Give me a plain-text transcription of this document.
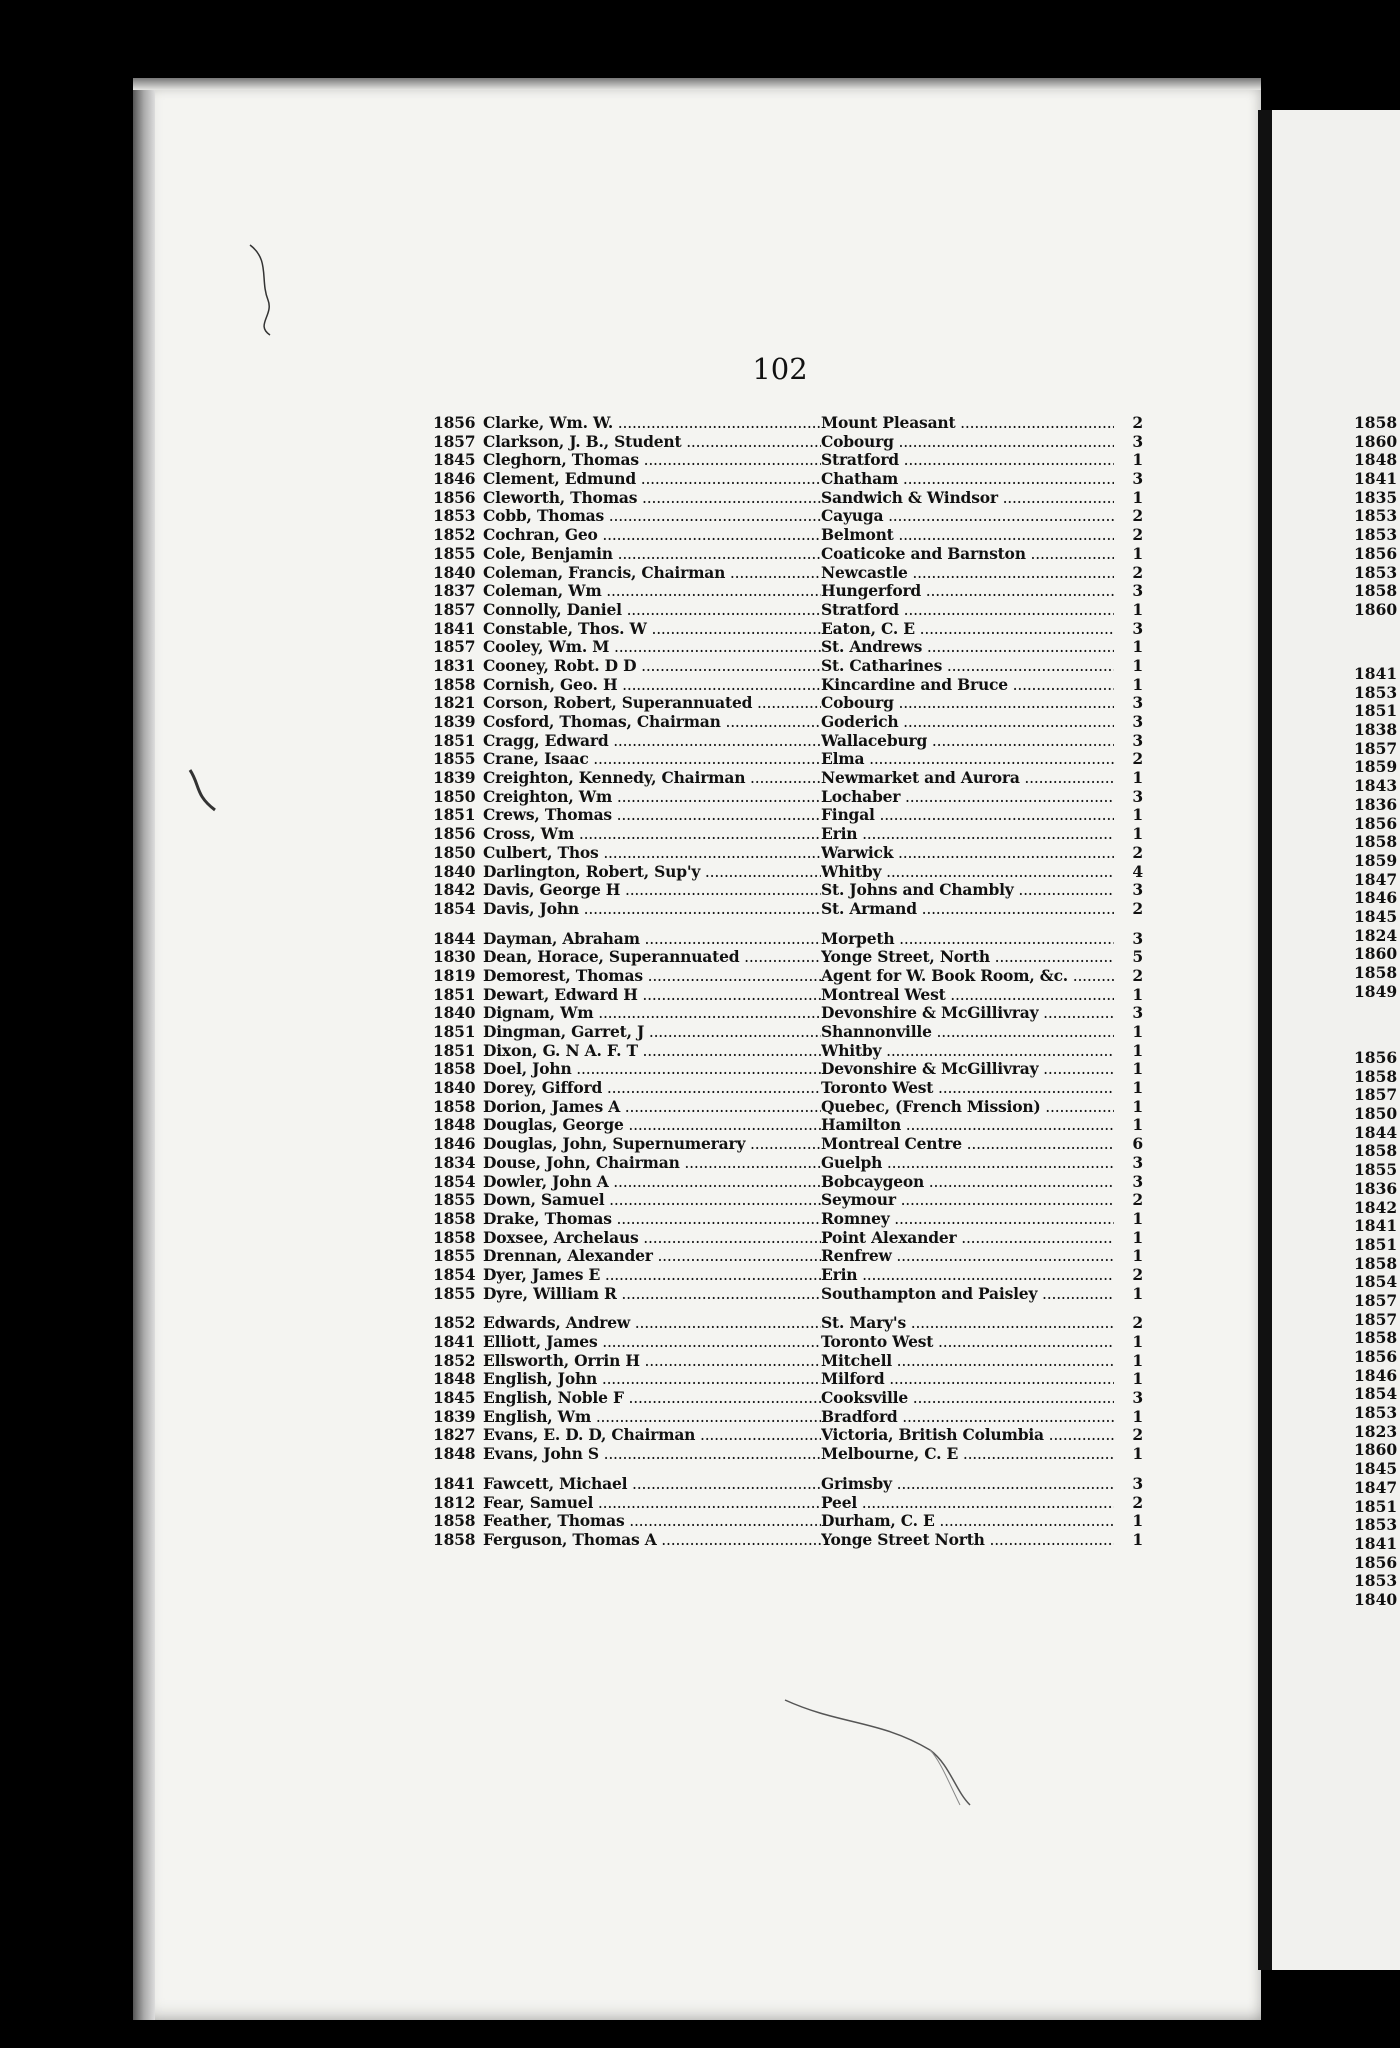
102
1856 Clarke, Wm. W. .....	Mount Pleasant .....	2
1857 Clarkson, J. B., Student .....	Cobourg .....	3
1845 Cleghorn, Thomas .....	Stratford .....	1
1846 Clement, Edmund .....	Chatham .....	3
1856 Cleworth, Thomas .....	Sandwich & Windsor .....	1
1853 Cobb, Thomas .....	Cayuga .....	2
1852 Cochran, Geo .....	Belmont .....	2
1855 Cole, Benjamin .....	Coaticoke and Barnston .....	1
1840 Coleman, Francis, Chairman .....	Newcastle .....	2
1837 Coleman, Wm .....	Hungerford .....	3
1857 Connolly, Daniel .....	Stratford .....	1
1841 Constable, Thos. W .....	Eaton, C. E .....	3
1857 Cooley, Wm. M .....	St. Andrews .....	1
1831 Cooney, Robt. D D .....	St. Catharines .....	1
1858 Cornish, Geo. H .....	Kincardine and Bruce .....	1
1821 Corson, Robert, Superannuated .....	Cobourg .....	3
1839 Cosford, Thomas, Chairman .....	Goderich .....	3
1851 Cragg, Edward .....	Wallaceburg .....	3
1855 Crane, Isaac .....	Elma .....	2
1839 Creighton, Kennedy, Chairman .....	Newmarket and Aurora .....	1
1850 Creighton, Wm .....	Lochaber .....	3
1851 Crews, Thomas .....	Fingal .....	1
1856 Cross, Wm .....	Erin .....	1
1850 Culbert, Thos .....	Warwick .....	2
1840 Darlington, Robert, Sup'y .....	Whitby .....	4
1842 Davis, George H .....	St. Johns and Chambly .....	3
1854 Davis, John .....	St. Armand .....	2
1844 Dayman, Abraham .....	Morpeth .....	3
1830 Dean, Horace, Superannuated .....	Yonge Street, North .....	5
1819 Demorest, Thomas .....	Agent for W. Book Room, &c. .....	2
1851 Dewart, Edward H .....	Montreal West .....	1
1840 Dignam, Wm .....	Devonshire & McGillivray .....	3
1851 Dingman, Garret, J .....	Shannonville .....	1
1851 Dixon, G. N A. F. T .....	Whitby .....	1
1858 Doel, John .....	Devonshire & McGillivray .....	1
1840 Dorey, Gifford .....	Toronto West .....	1
1858 Dorion, James A .....	Quebec, (French Mission) .....	1
1848 Douglas, George .....	Hamilton .....	1
1846 Douglas, John, Supernumerary .....	Montreal Centre .....	6
1834 Douse, John, Chairman .....	Guelph .....	3
1854 Dowler, John A .....	Bobcaygeon .....	3
1855 Down, Samuel .....	Seymour .....	2
1858 Drake, Thomas .....	Romney .....	1
1858 Doxsee, Archelaus .....	Point Alexander .....	1
1855 Drennan, Alexander .....	Renfrew .....	1
1854 Dyer, James E .....	Erin .....	2
1855 Dyre, William R .....	Southampton and Paisley .....	1
1852 Edwards, Andrew .....	St. Mary's .....	2
1841 Elliott, James .....	Toronto West .....	1
1852 Ellsworth, Orrin H .....	Mitchell .....	1
1848 English, John .....	Milford .....	1
1845 English, Noble F .....	Cooksville .....	3
1839 English, Wm .....	Bradford .....	1
1827 Evans, E. D. D, Chairman .....	Victoria, British Columbia .....	2
1848 Evans, John S .....	Melbourne, C. E .....	1
1841 Fawcett, Michael .....	Grimsby .....	3
1812 Fear, Samuel .....	Peel .....	2
1858 Feather, Thomas .....	Durham, C. E .....	1
1858 Ferguson, Thomas A .....	Yonge Street North .....	1
1858
1860
1848
1841
1835
1853
1853
1856
1853
1858
1860
1841
1853
1851
1838
1857
1859
1843
1836
1856
1858
1859
1847
1846
1845
1824
1860
1858
1849
1856
1858
1857
1850
1844
1858
1855
1836
1842
1841
1851
1858
1854
1857
1857
1858
1856
1846
1854
1853
1823
1860
1845
1847
1851
1853
1841
1856
1853
1840
